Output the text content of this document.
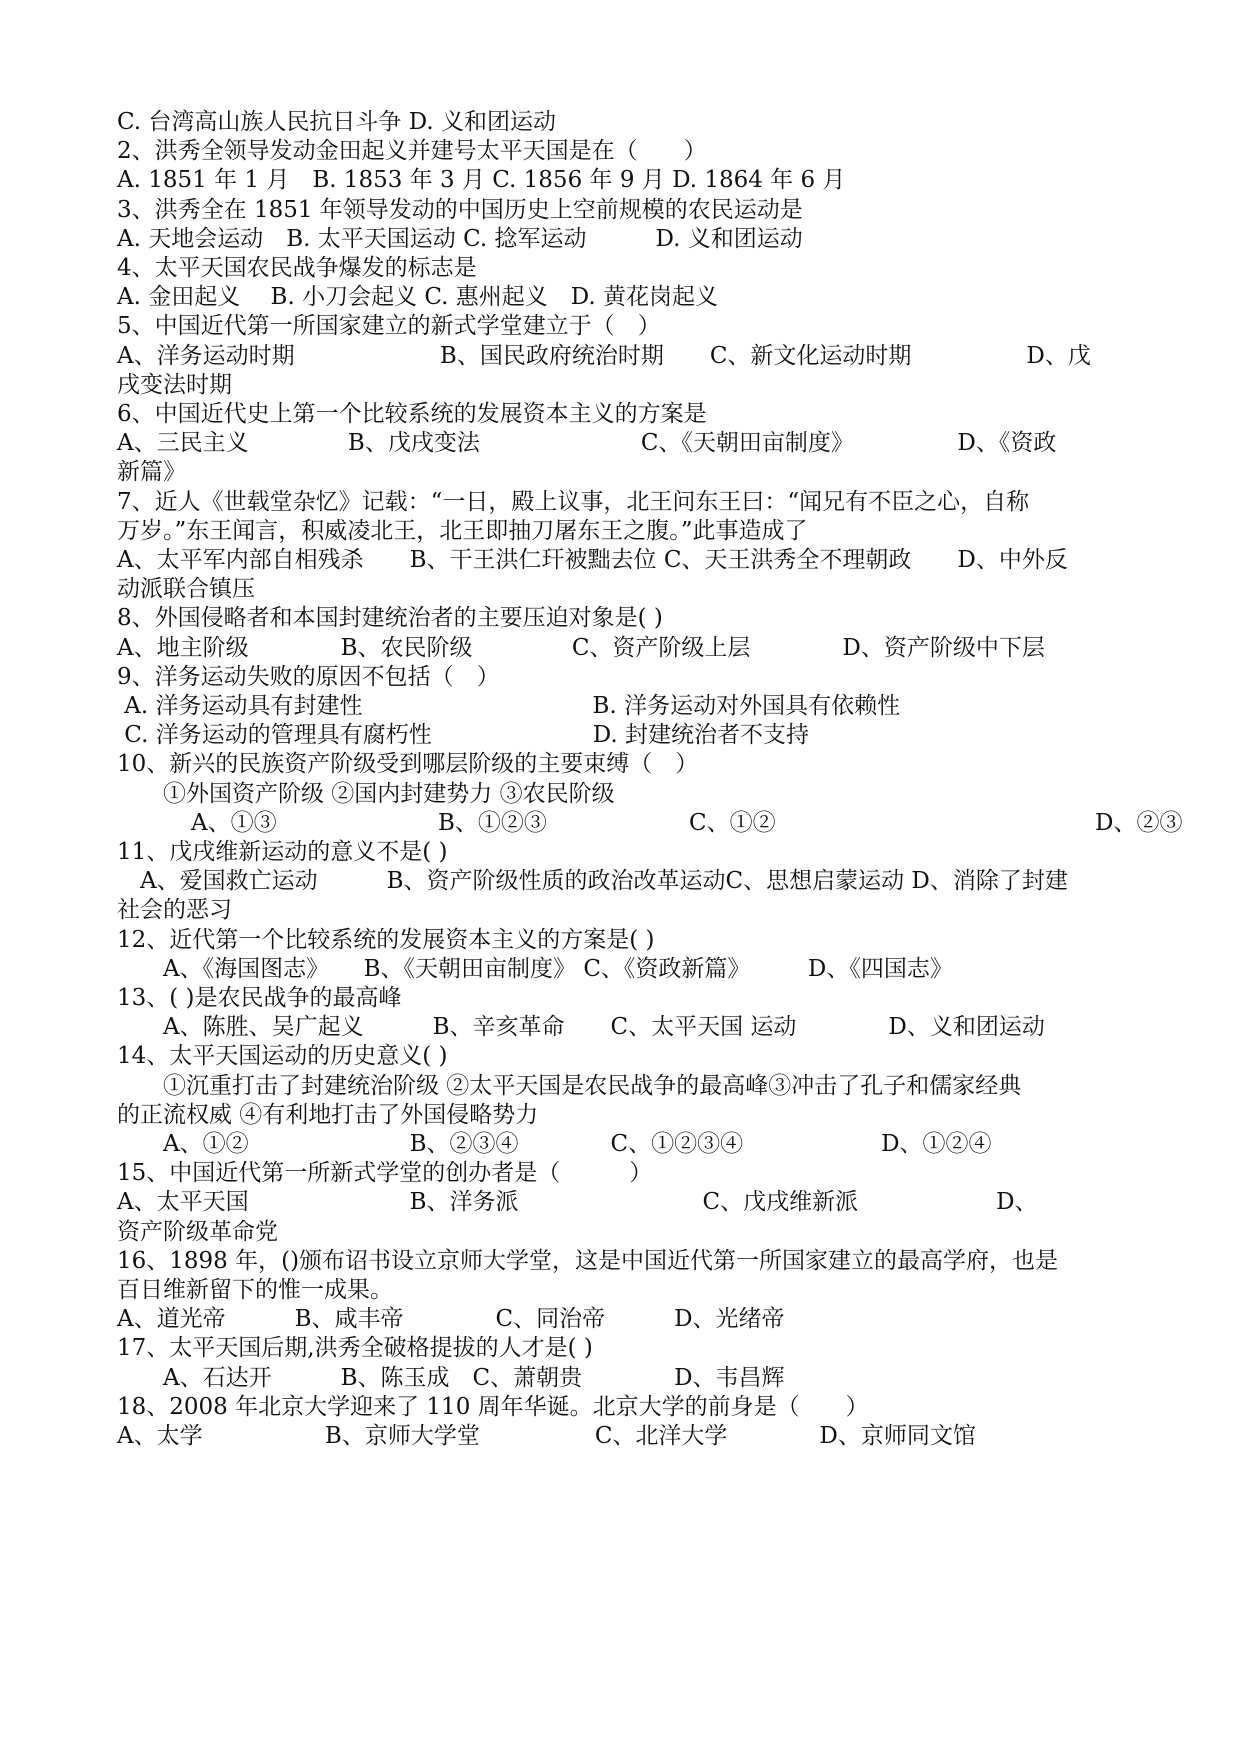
C. 台湾高山族人民抗日斗争 D. 义和团运动
2、洪秀全领导发动金田起义并建号太平天国是在（　　）
A. 1851 年 1 月　B. 1853 年 3 月 C. 1856 年 9 月 D. 1864 年 6 月
3、洪秀全在 1851 年领导发动的中国历史上空前规模的农民运动是
A. 天地会运动　B. 太平天国运动 C. 捻军运动　　　D. 义和团运动
4、太平天国农民战争爆发的标志是
A. 金田起义　 B. 小刀会起义 C. 惠州起义　D. 黄花岗起义
5、中国近代第一所国家建立的新式学堂建立于（　）
A、洋务运动时期　　　　　　 B、国民政府统治时期　　C、新文化运动时期　　　　　D、戊
戌变法时期
6、中国近代史上第一个比较系统的发展资本主义的方案是
A、三民主义　　　　 B、戊戌变法　　　　　　　C、《天朝田亩制度》　　　　　D、《资政
新篇》
7、近人《世载堂杂忆》记载：“一日，殿上议事，北王问东王曰：“闻兄有不臣之心，自称
万岁。”东王闻言，积威凌北王，北王即抽刀屠东王之腹。”此事造成了
A、太平军内部自相残杀　　B、干王洪仁玕被黜去位 C、天王洪秀全不理朝政　　D、中外反
动派联合镇压
8、外国侵略者和本国封建统治者的主要压迫对象是( )
A、地主阶级　　　　B、农民阶级　　　　 C、资产阶级上层　　　　D、资产阶级中下层
9、洋务运动失败的原因不包括（　）
A. 洋务运动具有封建性　　　　　　　　　　B. 洋务运动对外国具有依赖性
C. 洋务运动的管理具有腐朽性　　　　　　　D. 封建统治者不支持
10、新兴的民族资产阶级受到哪层阶级的主要束缚（　）
　　①外国资产阶级 ②国内封建势力 ③农民阶级
A、①③	B、①②③	C、①②	D、②③
11、戊戌维新运动的意义不是( )
　A、爱国救亡运动　　　B、资产阶级性质的政治改革运动C、思想启蒙运动 D、消除了封建
社会的恶习
12、近代第一个比较系统的发展资本主义的方案是( )
　　A、《海国图志》　　B、《天朝田亩制度》 C、《资政新篇》　　　D、《四国志》
13、( )是农民战争的最高峰
　　A、陈胜、吴广起义　　　B、辛亥革命　　C、太平天国 运动　　　　D、义和团运动
14、太平天国运动的历史意义( )
　　①沉重打击了封建统治阶级 ②太平天国是农民战争的最高峰③冲击了孔子和儒家经典
的正流权威 ④有利地打击了外国侵略势力
　　A、①②　　　　　　　B、②③④　　　　C、①②③④　　　　　　D、①②④
15、中国近代第一所新式学堂的创办者是（　　　）
A、太平天国　　　　　　　B、洋务派　　　　　　　　C、戊戌维新派　　　　　　D、
资产阶级革命党
16、1898 年，()颁布诏书设立京师大学堂，这是中国近代第一所国家建立的最高学府，也是
百日维新留下的惟一成果。
A、道光帝　　　B、咸丰帝　　　　C、同治帝　　　D、光绪帝
17、太平天国后期,洪秀全破格提拔的人才是( )
　　A、石达开　　　B、陈玉成　C、萧朝贵　　　　D、韦昌辉
18、2008 年北京大学迎来了 110 周年华诞。北京大学的前身是（　　）
A、太学　　　　　 B、京师大学堂　　　　　C、北洋大学　　　　D、京师同文馆
